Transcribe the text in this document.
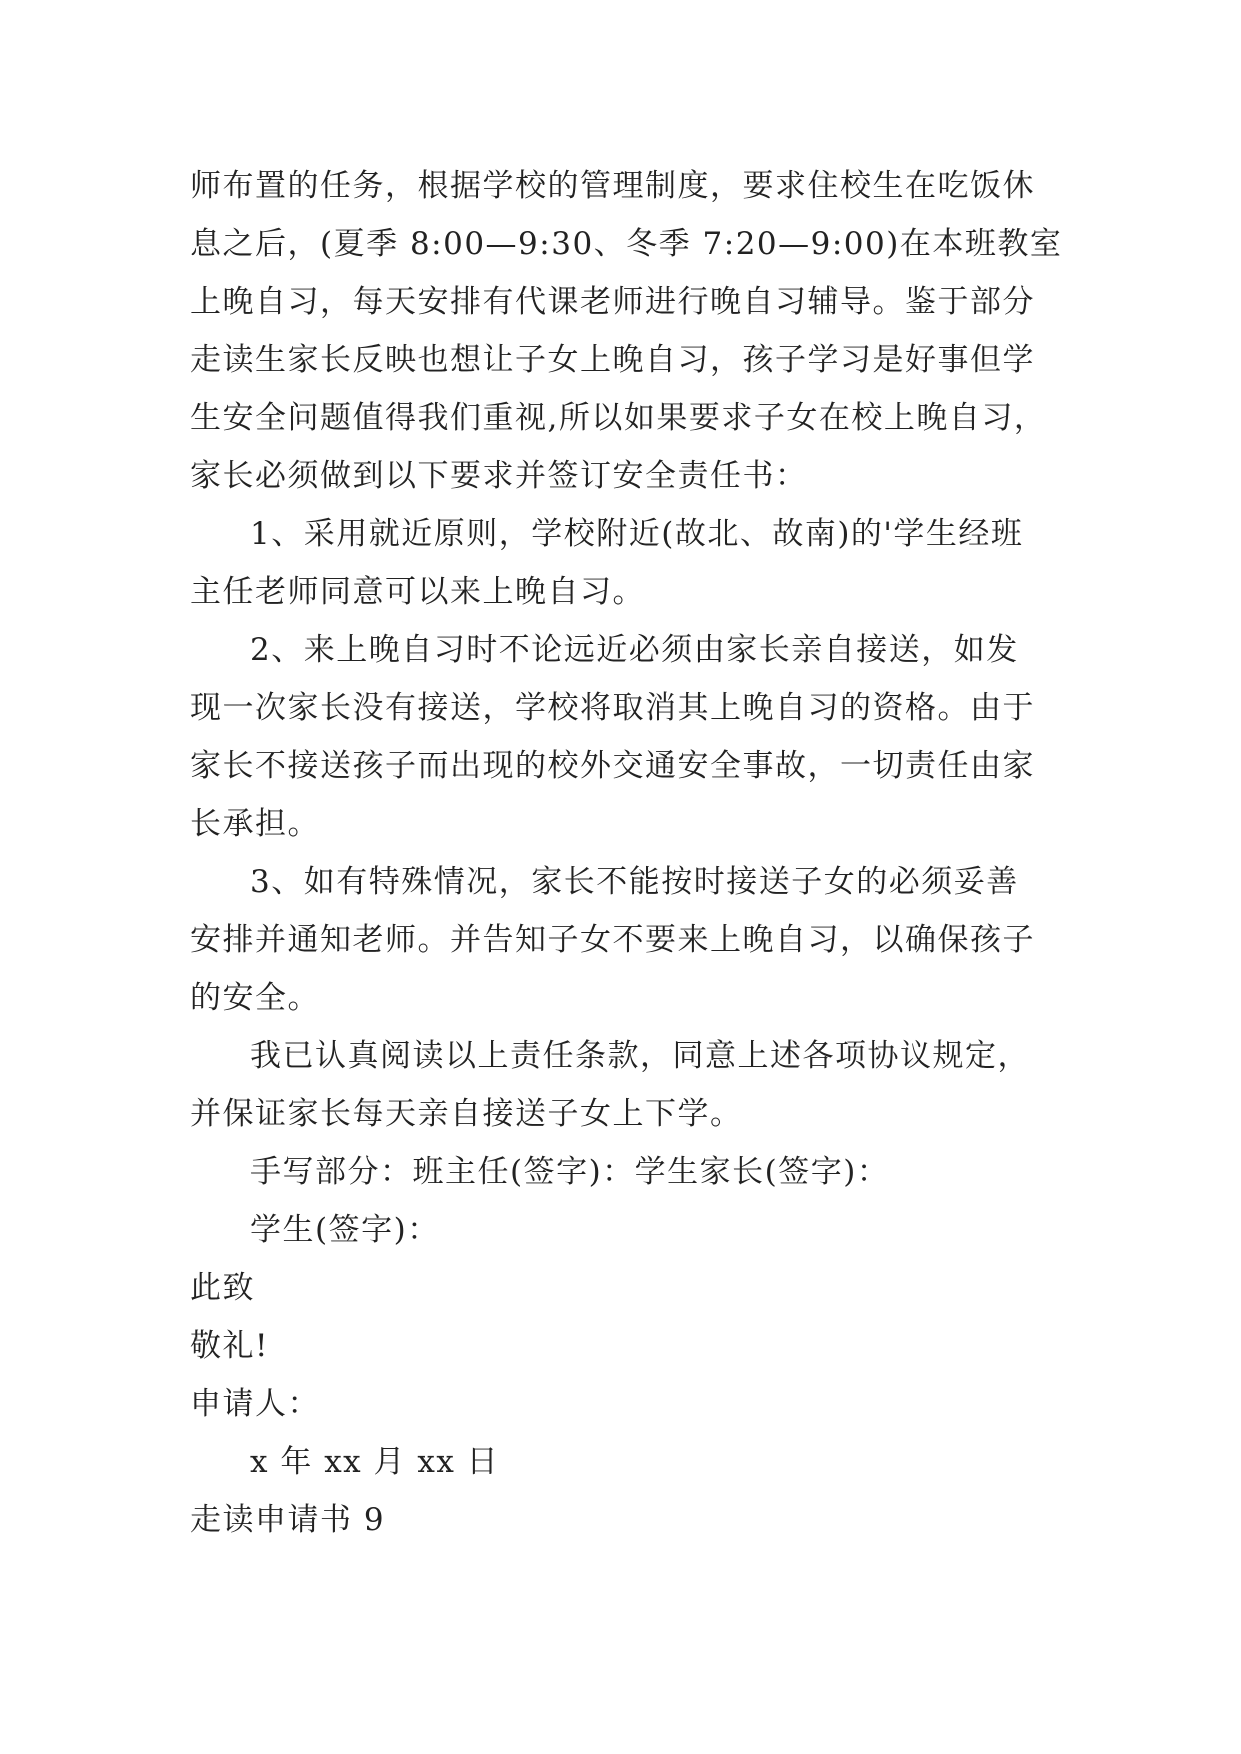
师布置的任务，根据学校的管理制度，要求住校生在吃饭休
息之后，(夏季 8:00—9:30、冬季 7:20—9:00)在本班教室
上晚自习，每天安排有代课老师进行晚自习辅导。鉴于部分
走读生家长反映也想让子女上晚自习，孩子学习是好事但学
生安全问题值得我们重视,所以如果要求子女在校上晚自习，
家长必须做到以下要求并签订安全责任书：
1、采用就近原则，学校附近(故北、故南)的'学生经班
主任老师同意可以来上晚自习。
2、来上晚自习时不论远近必须由家长亲自接送，如发
现一次家长没有接送，学校将取消其上晚自习的资格。由于
家长不接送孩子而出现的校外交通安全事故，一切责任由家
长承担。
3、如有特殊情况，家长不能按时接送子女的必须妥善
安排并通知老师。并告知子女不要来上晚自习，以确保孩子
的安全。
我已认真阅读以上责任条款，同意上述各项协议规定，
并保证家长每天亲自接送子女上下学。
手写部分：班主任(签字)：学生家长(签字)：
学生(签字)：
此致
敬礼!
申请人：
x 年 xx 月 xx 日
走读申请书 9
